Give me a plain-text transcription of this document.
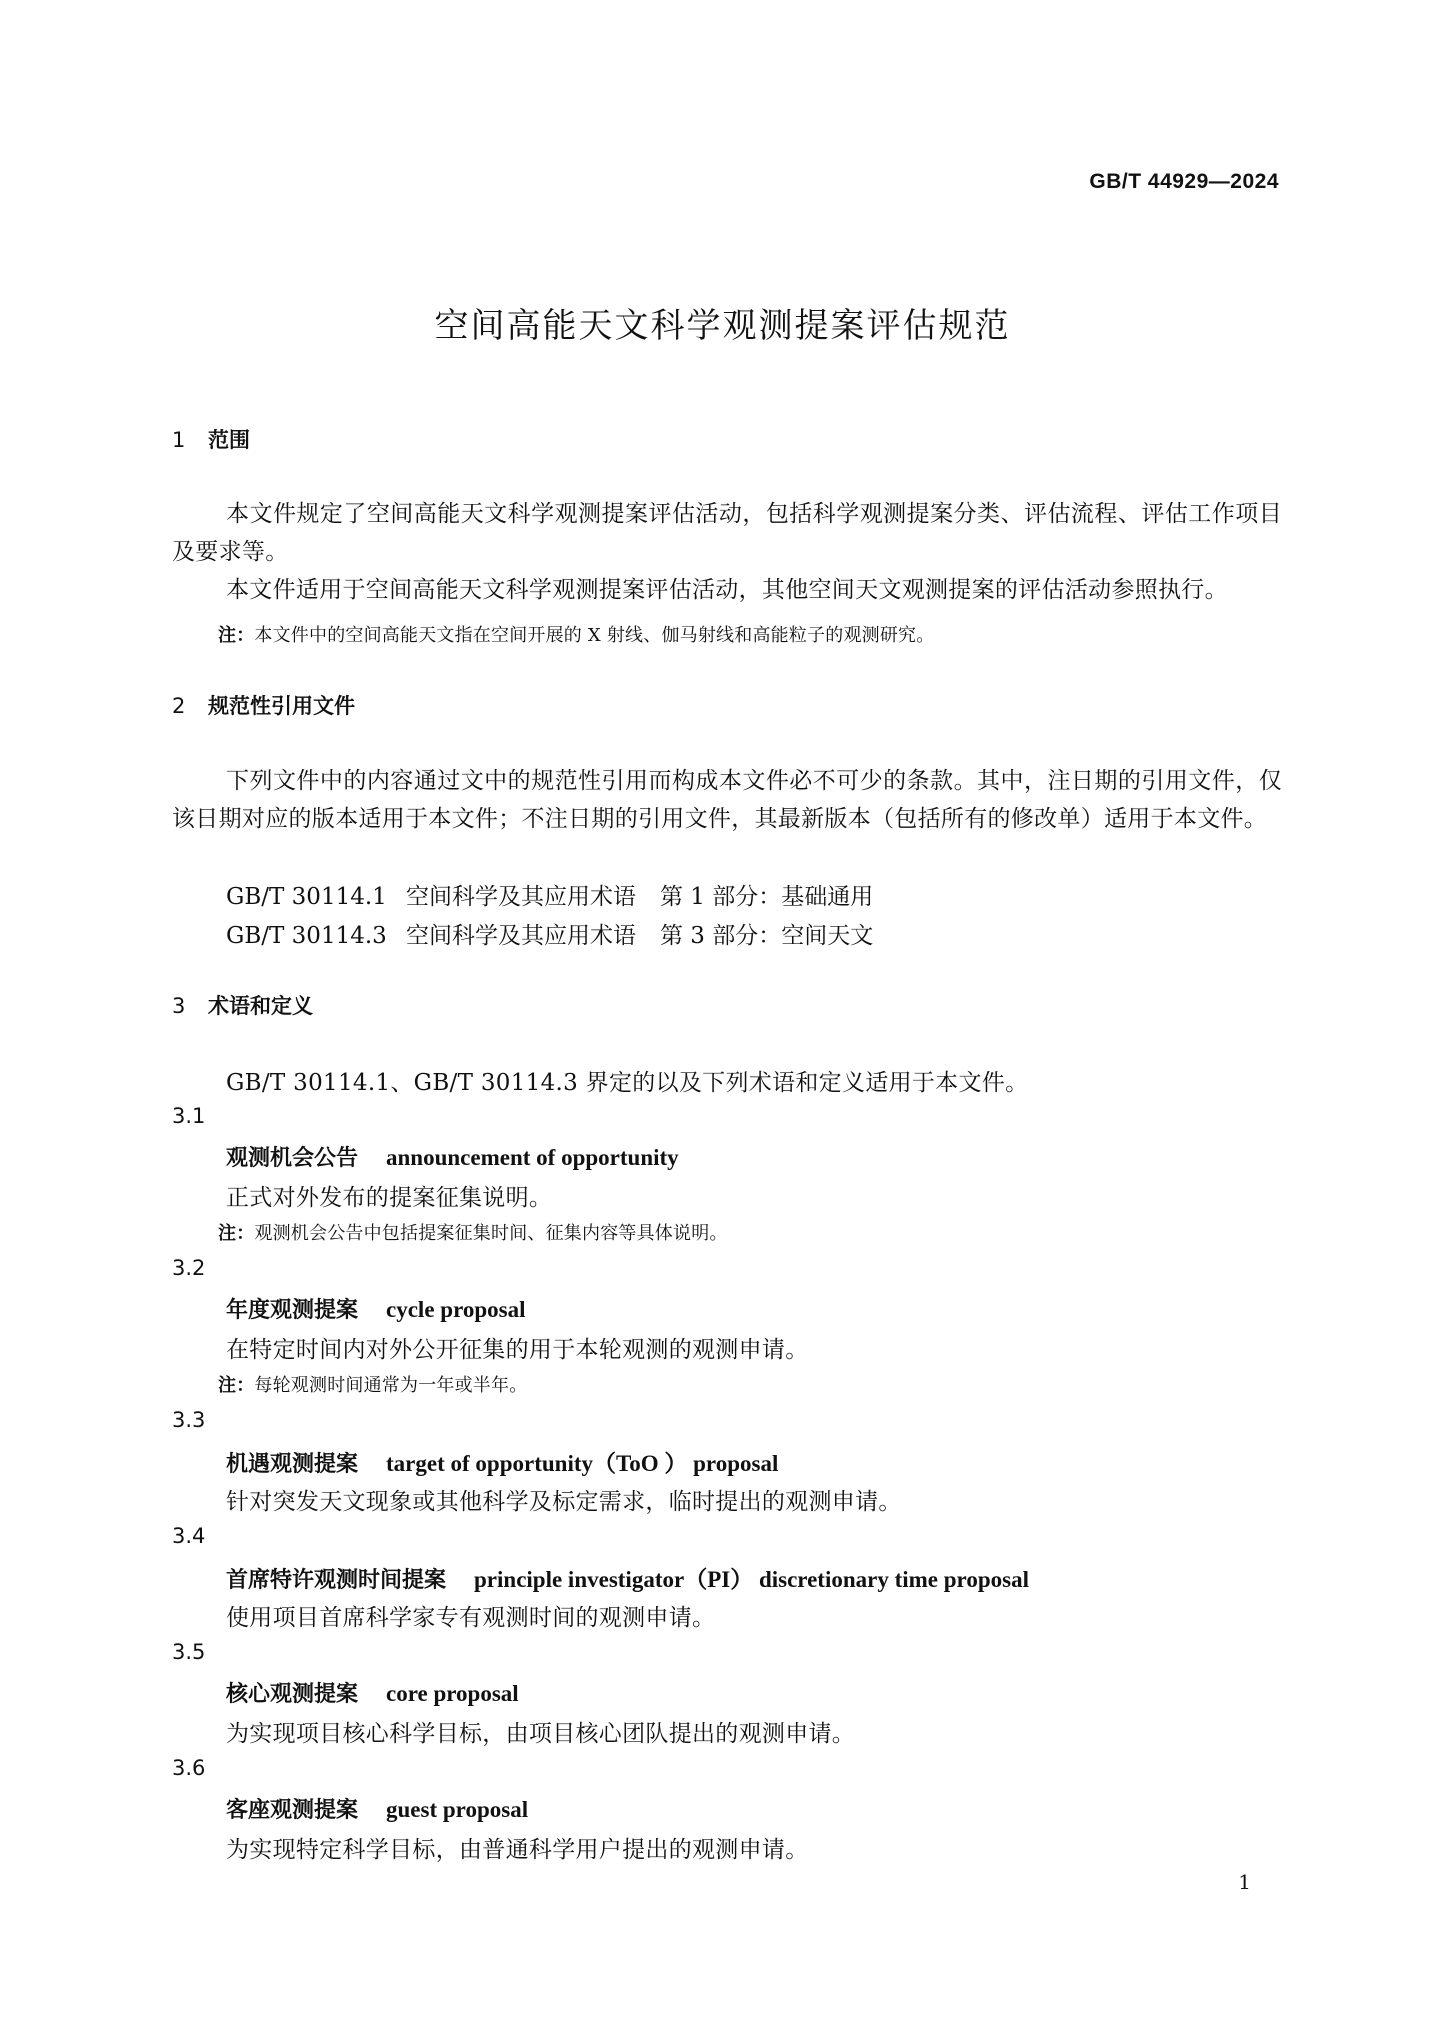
GB/T 44929—2024
空间高能天文科学观测提案评估规范
1 范围

本文件规定了空间高能天文科学观测提案评估活动，包括科学观测提案分类、评估流程、评估工作项目及要求等。

本文件适用于空间高能天文科学观测提案评估活动，其他空间天文观测提案的评估活动参照执行。

注：本文件中的空间高能天文指在空间开展的 X 射线、伽马射线和高能粒子的观测研究。
2 规范性引用文件

下列文件中的内容通过文中的规范性引用而构成本文件必不可少的条款。其中，注日期的引用文件，仅该日期对应的版本适用于本文件；不注日期的引用文件，其最新版本（包括所有的修改单）适用于本文件。

GB/T 30114.1 空间科学及其应用术语 第 1 部分：基础通用
GB/T 30114.3 空间科学及其应用术语 第 3 部分：空间天文
3 术语和定义
GB/T 30114.1、GB/T 30114.3 界定的以及下列术语和定义适用于本文件。
3.1
观测机会公告 announcement of opportunity
正式对外发布的提案征集说明。
注：观测机会公告中包括提案征集时间、征集内容等具体说明。
3.2
年度观测提案 cycle proposal
在特定时间内对外公开征集的用于本轮观测的观测申请。
注：每轮观测时间通常为一年或半年。
3.3
机遇观测提案 target of opportunity（ToO ） proposal
针对突发天文现象或其他科学及标定需求，临时提出的观测申请。
3.4
首席特许观测时间提案 principle investigator（PI） discretionary time proposal
使用项目首席科学家专有观测时间的观测申请。
3.5
核心观测提案 core proposal
为实现项目核心科学目标，由项目核心团队提出的观测申请。
3.6
客座观测提案 guest proposal
为实现特定科学目标，由普通科学用户提出的观测申请。
1
